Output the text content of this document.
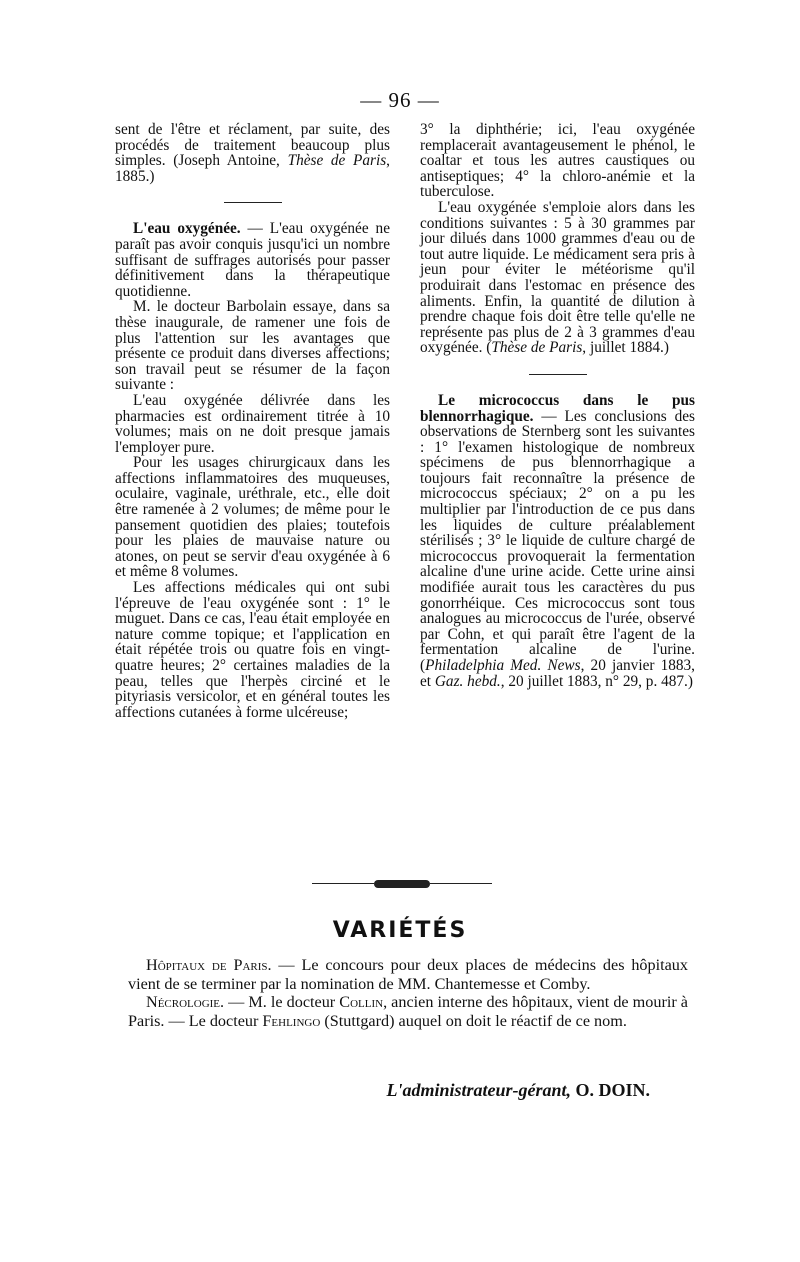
— 96 —

sent de l'être et réclament, par suite, des procédés de traitement beaucoup plus simples. (Joseph Antoine, Thèse de Paris, 1885.)

L'eau oxygénée. — L'eau oxygénée ne paraît pas avoir conquis jusqu'ici un nombre suffisant de suffrages autorisés pour passer définitivement dans la thérapeutique quotidienne.

M. le docteur Barbolain essaye, dans sa thèse inaugurale, de ramener une fois de plus l'attention sur les avantages que présente ce produit dans diverses affections; son travail peut se résumer de la façon suivante :

L'eau oxygénée délivrée dans les pharmacies est ordinairement titrée à 10 volumes; mais on ne doit presque jamais l'employer pure.

Pour les usages chirurgicaux dans les affections inflammatoires des muqueuses, oculaire, vaginale, uréthrale, etc., elle doit être ramenée à 2 volumes; de même pour le pansement quotidien des plaies; toutefois pour les plaies de mauvaise nature ou atones, on peut se servir d'eau oxygénée à 6 et même 8 volumes.

Les affections médicales qui ont subi l'épreuve de l'eau oxygénée sont : 1° le muguet. Dans ce cas, l'eau était employée en nature comme topique; et l'application en était répétée trois ou quatre fois en vingt-quatre heures; 2° certaines maladies de la peau, telles que l'herpès circiné et le pityriasis versicolor, et en général toutes les affections cutanées à forme ulcéreuse;

3° la diphthérie; ici, l'eau oxygénée remplacerait avantageusement le phénol, le coaltar et tous les autres caustiques ou antiseptiques; 4° la chloro-anémie et la tuberculose.

L'eau oxygénée s'emploie alors dans les conditions suivantes : 5 à 30 grammes par jour dilués dans 1000 grammes d'eau ou de tout autre liquide. Le médicament sera pris à jeun pour éviter le météorisme qu'il produirait dans l'estomac en présence des aliments. Enfin, la quantité de dilution à prendre chaque fois doit être telle qu'elle ne représente pas plus de 2 à 3 grammes d'eau oxygénée. (Thèse de Paris, juillet 1884.)

Le micrococcus dans le pus blennorrhagique. — Les conclusions des observations de Sternberg sont les suivantes : 1° l'examen histologique de nombreux spécimens de pus blennorrhagique a toujours fait reconnaître la présence de micrococcus spéciaux; 2° on a pu les multiplier par l'introduction de ce pus dans les liquides de culture préalablement stérilisés ; 3° le liquide de culture chargé de micrococcus provoquerait la fermentation alcaline d'une urine acide. Cette urine ainsi modifiée aurait tous les caractères du pus gonorrhéique. Ces micrococcus sont tous analogues au micrococcus de l'urée, observé par Cohn, et qui paraît être l'agent de la fermentation alcaline de l'urine. (Philadelphia Med. News, 20 janvier 1883, et Gaz. hebd., 20 juillet 1883, n° 29, p. 487.)

VARIÉTÉS

Hôpitaux de Paris. — Le concours pour deux places de médecins des hôpitaux vient de se terminer par la nomination de MM. Chantemesse et Comby.

Nécrologie. — M. le docteur Collin, ancien interne des hôpitaux, vient de mourir à Paris. — Le docteur Fehlingo (Stuttgard) auquel on doit le réactif de ce nom.

L'administrateur-gérant, O. DOIN.
